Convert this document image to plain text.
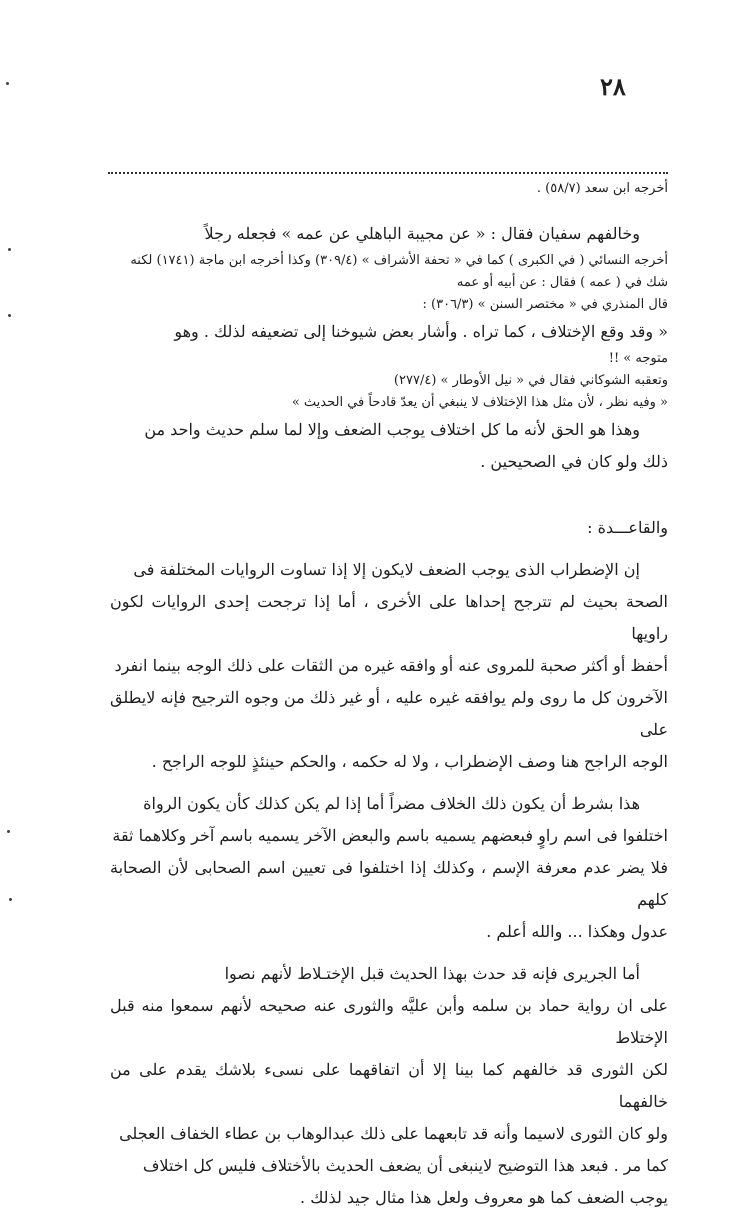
٢٨

أخرجه ابن سعد (٥٨/٧) .

وخالفهم سفيان فقال : « عن مجيبة الباهلي عن عمه » فجعله رجلاً

أخرجه النسائي ( في الكبرى ) كما في « تحفة الأشراف » (٣٠٩/٤) وكذا أخرجه ابن ماجة (١٧٤١) لكنه

شك في ( عمه ) فقال : عن أبيه أو عمه

قال المنذري في « مختصر السنن » (٣٠٦/٣) :

« وقد وقع الإختلاف ، كما تراه . وأشار بعض شيوخنا إلى تضعيفه لذلك . وهو

متوجه » !!

وتعقبه الشوكاني فقال في « نيل الأوطار » (٢٧٧/٤)

« وفيه نظر ، لأن مثل هذا الإختلاف لا ينبغي أن يعدّ قادحاً في الحديث »

وهذا هو الحق لأنه ما كل اختلاف يوجب الضعف وإلا لما سلم حديث واحد من

ذلك ولو كان في الصحيحين .

والقاعـــدة :

إن الإضطراب الذى يوجب الضعف لايكون إلا إذا تساوت الروايات المختلفة فى

الصحة بحيث لم تترجح إحداها على الأخرى ، أما إذا ترجحت إحدى الروايات لكون راويها

أحفظ أو أكثر صحبة للمروى عنه أو وافقه غيره من الثقات على ذلك الوجه بينما انفرد

الآخرون كل ما روى ولم يوافقه غيره عليه ، أو غير ذلك من وجوه الترجيح فإنه لايطلق على

الوجه الراجح هنا وصف الإضطراب ، ولا له حكمه ، والحكم حينئذٍ للوجه الراجح .

هذا بشرط أن يكون ذلك الخلاف مضراً أما إذا لم يكن كذلك كأن يكون الرواة

اختلفوا فى اسم راوٍ فبعضهم يسميه باسم والبعض الآخر يسميه باسم آخر وكلاهما ثقة

فلا يضر عدم معرفة الإسم ، وكذلك إذا اختلفوا فى تعيين اسم الصحابى لأن الصحابة كلهم

عدول وهكذا ... والله أعلم .

أما الجريرى فإنه قد حدث بهذا الحديث قبل الإختـلاط لأنهم نصوا

على ان رواية حماد بن سلمه وأبن عليَّه والثورى عنه صحيحه لأنهم سمعوا منه قبل الإختلاط

لكن الثورى قد خالفهم كما بينا إلا أن اتفاقهما على نسىء بلاشك يقدم على من خالفهما

ولو كان الثورى لاسيما وأنه قد تابعهما على ذلك عبدالوهاب بن عطاء الخفاف العجلى

كما مر . فبعد هذا التوضيح لاينبغى أن يضعف الحديث بالأختلاف فليس كل اختلاف

يوجب الضعف كما هو معروف ولعل هذا مثال جيد لذلك .
